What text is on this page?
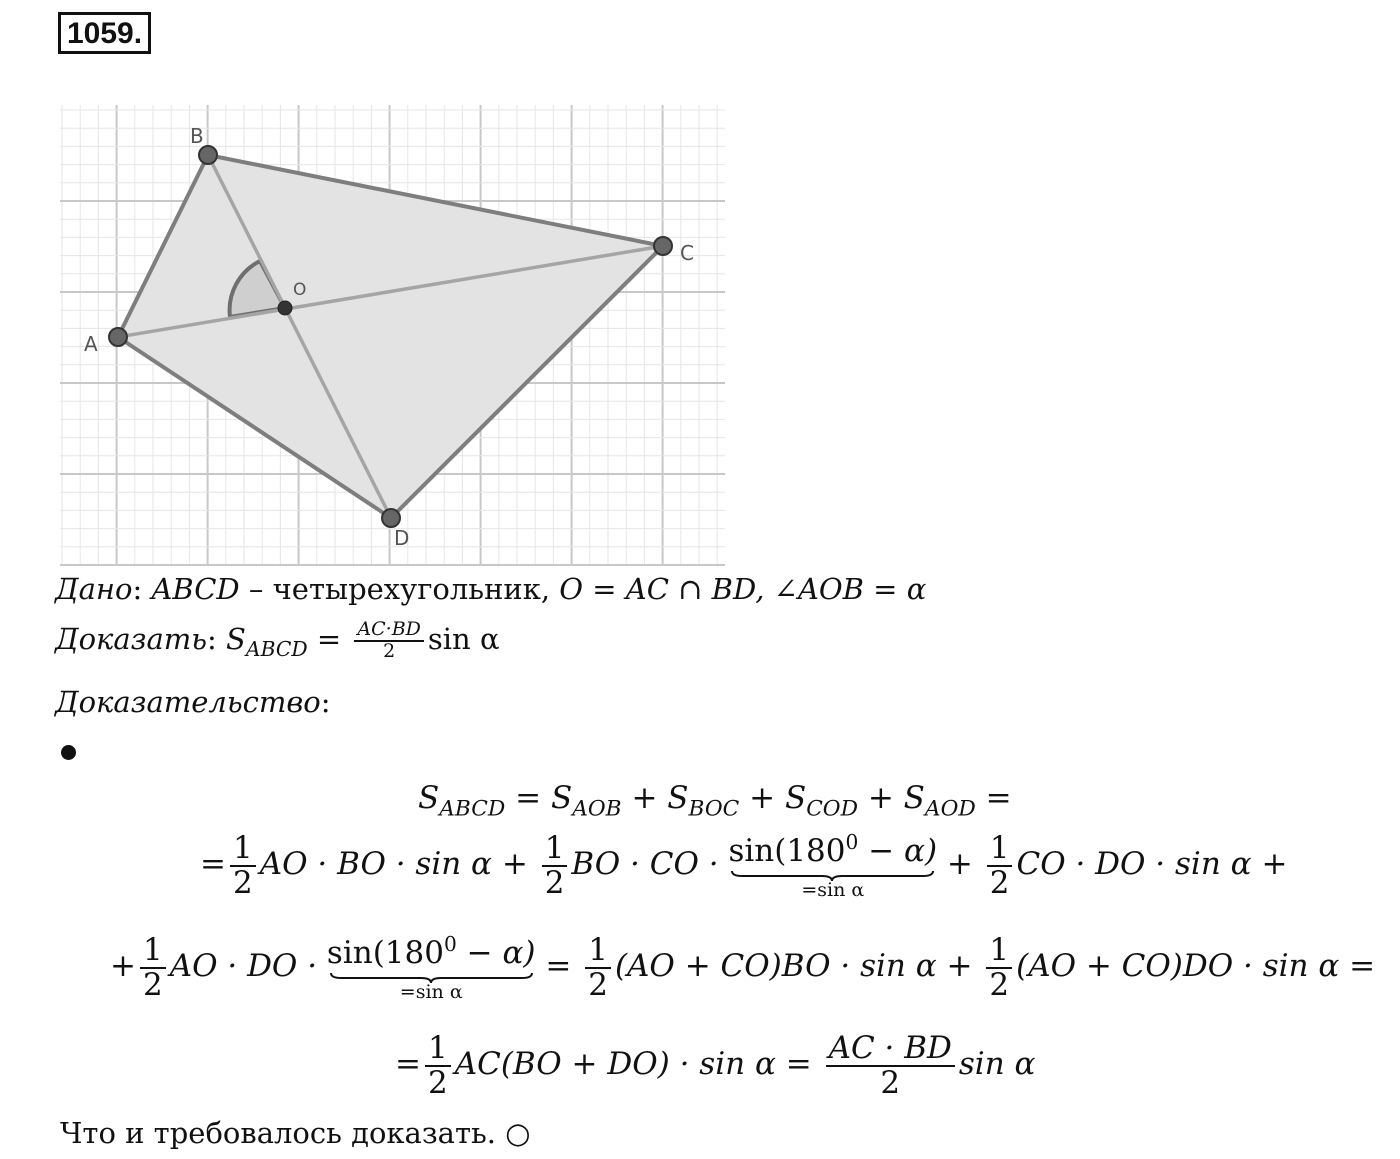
1059.
A
B
C
D
O
Дано: ABCD – четырехугольник, O = AC ∩ BD, ∠AOB = α
Доказать: $S_{ABCD} = \frac{AC\cdot BD}{2}$ sin α
Доказательство:
$S_{ABCD} = S_{AOB} + S_{BOC} + S_{COD} + S_{AOD}$ =
= $\frac{1}{2}$ AO · BO · $\sin \alpha + \frac{1}{2}$ BO · CO · $\sin(180^0 - \alpha)$
=sin α
+ $\frac{1}{2}$ CO · DO · sin α +
+ $\frac{1}{2}$ AO · DO · $\sin(180^0 - \alpha)$
=sin α
= $\frac{1}{2} (AO + CO)BO \cdot \sin \alpha + \frac{1}{2} (AO + CO)DO \cdot \sin \alpha$ =
= $\frac{1}{2} AC(BO + DO) \cdot \sin \alpha = \frac{AC \cdot BD}{2}$ sin α
Что и требовалось доказать. ○
